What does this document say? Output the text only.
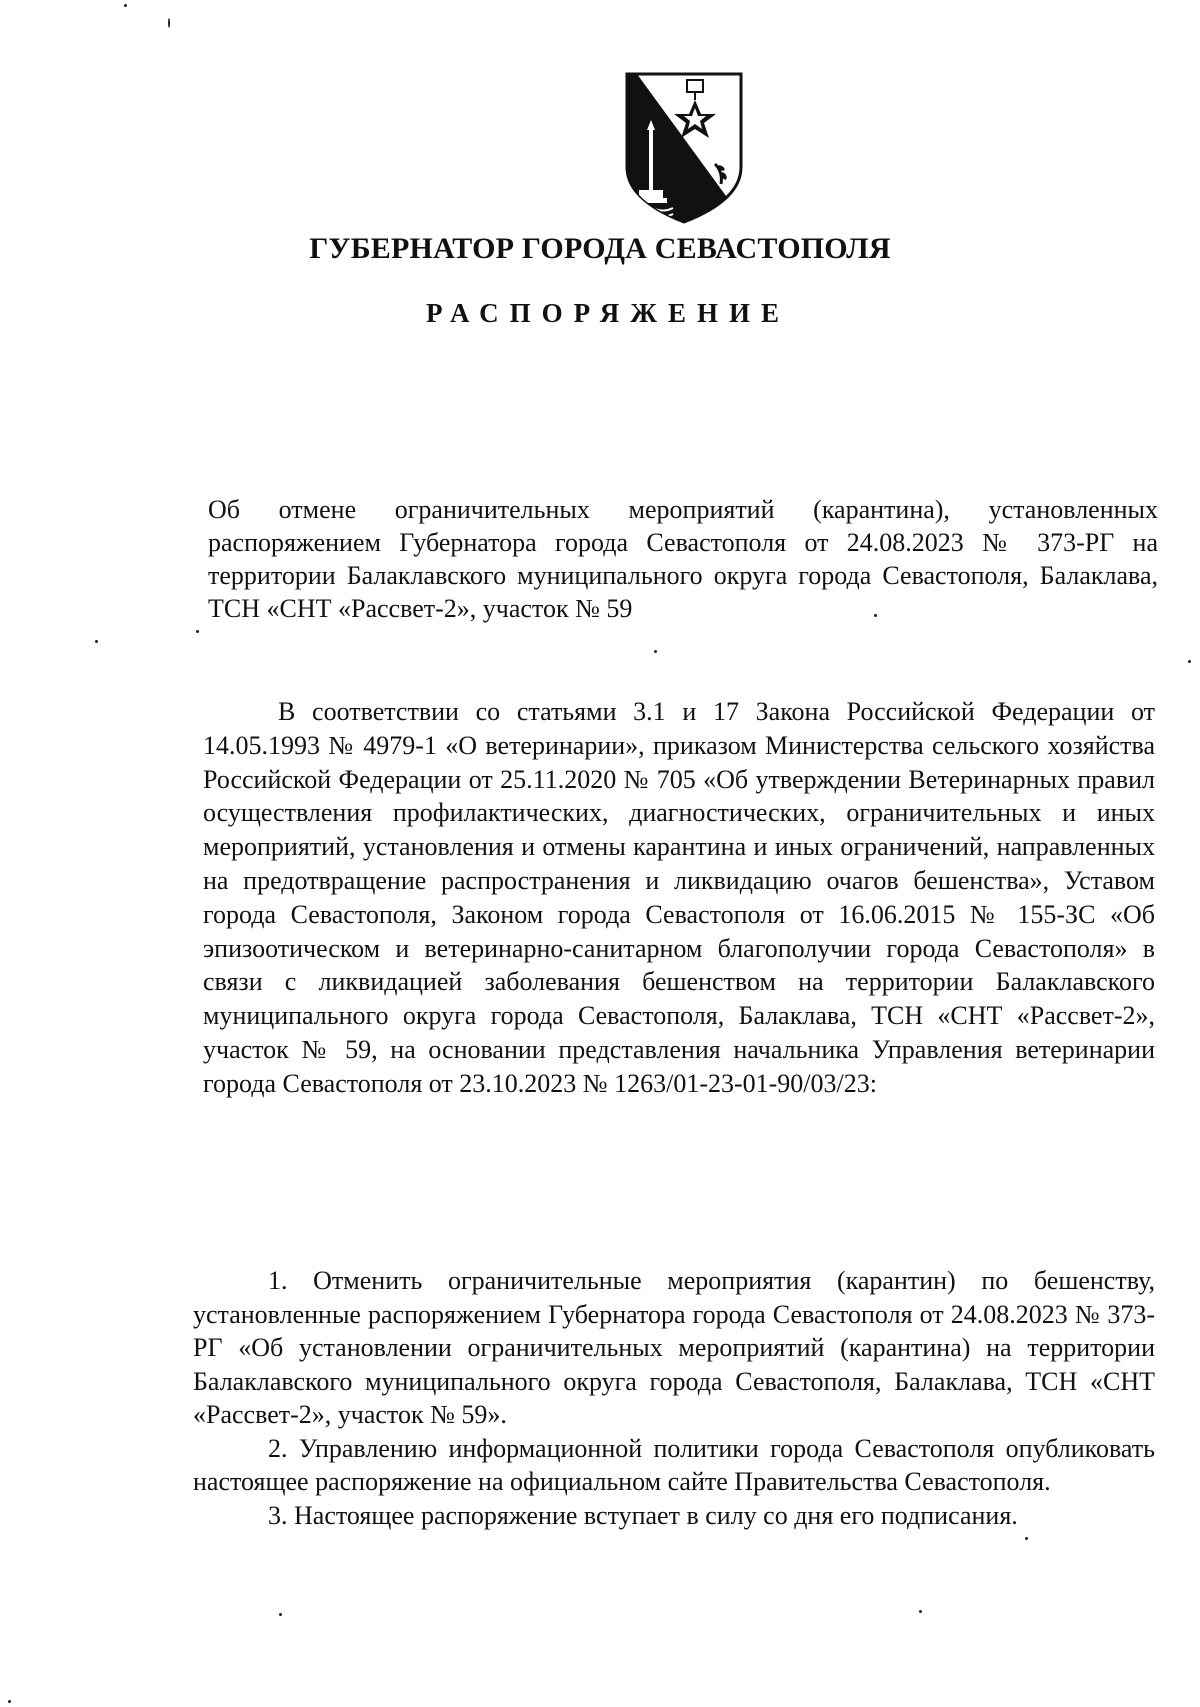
ГУБЕРНАТОР ГОРОДА СЕВАСТОПОЛЯ
РАСПОРЯЖЕНИЕ

Об отмене ограничительных мероприятий (карантина), установленных распоряжением Губернатора города Севастополя от 24.08.2023 № 373-РГ на территории Балаклавского муниципального округа города Севастополя, Балаклава, ТСН «СНТ «Рассвет-2», участок № 59

В соответствии со статьями 3.1 и 17 Закона Российской Федерации от 14.05.1993 № 4979-1 «О ветеринарии», приказом Министерства сельского хозяйства Российской Федерации от 25.11.2020 № 705 «Об утверждении Ветеринарных правил осуществления профилактических, диагностических, ограничительных и иных мероприятий, установления и отмены карантина и иных ограничений, направленных на предотвращение распространения и ликвидацию очагов бешенства», Уставом города Севастополя, Законом города Севастополя от 16.06.2015 № 155-ЗС «Об эпизоотическом и ветеринарно-санитарном благополучии города Севастополя» в связи с ликвидацией заболевания бешенством на территории Балаклавского муниципального округа города Севастополя, Балаклава, ТСН «СНТ «Рассвет-2», участок № 59, на основании представления начальника Управления ветеринарии города Севастополя от 23.10.2023 № 1263/01-23-01-90/03/23:

1. Отменить ограничительные мероприятия (карантин) по бешенству, установленные распоряжением Губернатора города Севастополя от 24.08.2023 № 373-РГ «Об установлении ограничительных мероприятий (карантина) на территории Балаклавского муниципального округа города Севастополя, Балаклава, ТСН «СНТ «Рассвет-2», участок № 59».

2. Управлению информационной политики города Севастополя опубликовать настоящее распоряжение на официальном сайте Правительства Севастополя.

3. Настоящее распоряжение вступает в силу со дня его подписания.
